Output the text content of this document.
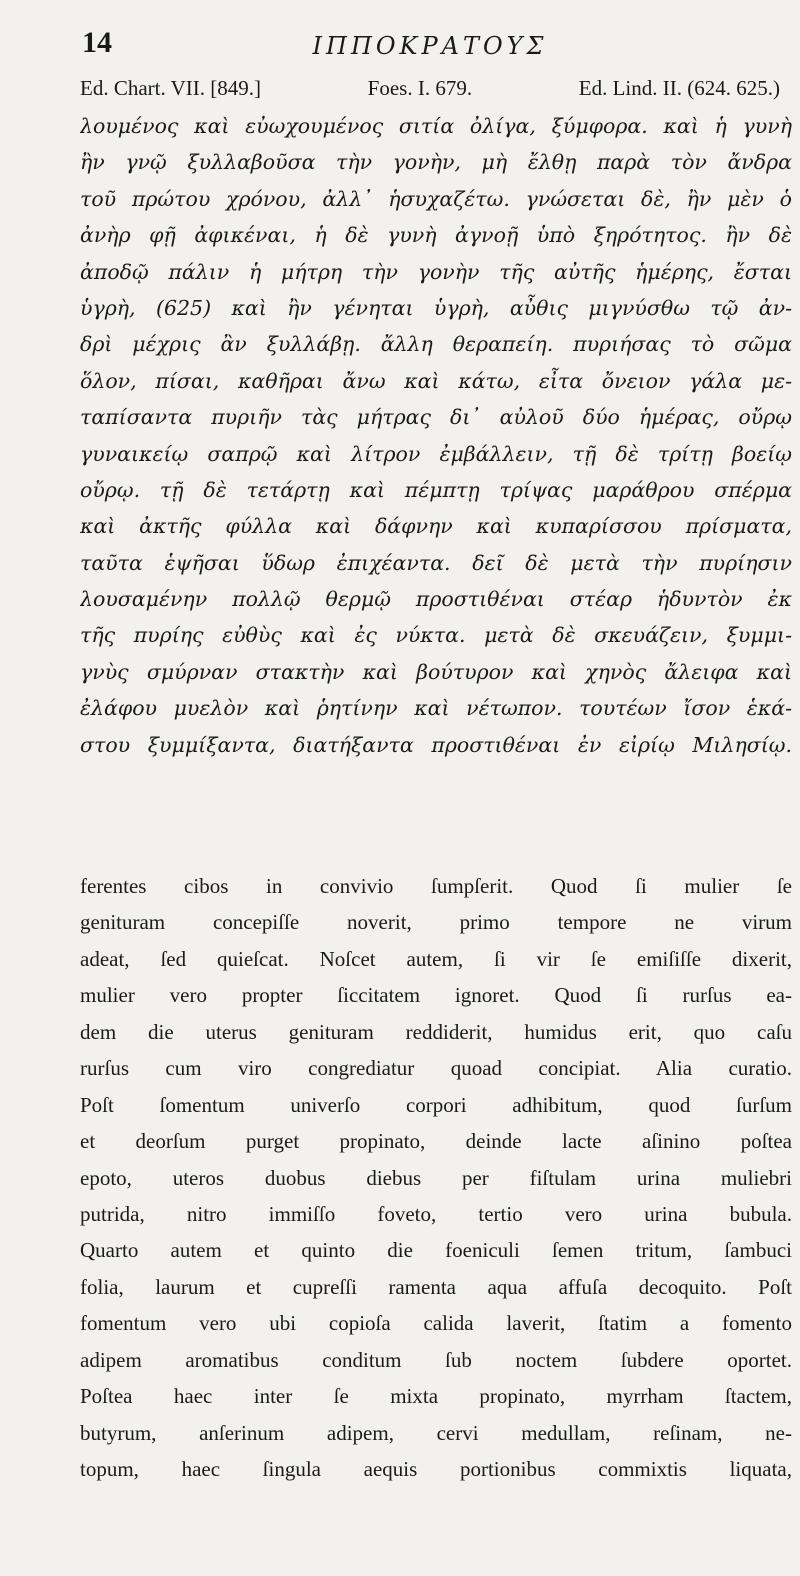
14	ΙΠΠΟΚΡΑΤΟΥΣ
Ed. Chart. VII. [849.]	Foes. I. 679.	Ed. Lind. II. (624. 625.)
λουμένος καὶ εὐωχουμένος σιτία ὀλίγα, ξύμφορα. καὶ ἡ γυνὴ
ἢν γνῷ ξυλλαβοῦσα τὴν γονὴν, μὴ ἔλθῃ παρὰ τὸν ἄνδρα
τοῦ πρώτου χρόνου, ἀλλ᾽ ἡσυχαζέτω. γνώσεται δὲ, ἢν μὲν ὁ
ἀνὴρ φῇ ἀφικέναι, ἡ δὲ γυνὴ ἀγνοῇ ὑπὸ ξηρότητος. ἢν δὲ
ἀποδῷ πάλιν ἡ μήτρη τὴν γονὴν τῆς αὐτῆς ἡμέρης, ἔσται
ὑγρὴ, (625) καὶ ἢν γένηται ὑγρὴ, αὖθις μιγνύσθω τῷ ἀν-
δρὶ μέχρις ἂν ξυλλάβῃ. ἄλλη θεραπείη. πυριήσας τὸ σῶμα
ὅλον, πίσαι, καθῆραι ἄνω καὶ κάτω, εἶτα ὄνειον γάλα με-
ταπίσαντα πυριῆν τὰς μήτρας δι᾽ αὐλοῦ δύο ἡμέρας, οὔρῳ
γυναικείῳ σαπρῷ καὶ λίτρον ἐμβάλλειν, τῇ δὲ τρίτῃ βοείῳ
οὔρῳ. τῇ δὲ τετάρτῃ καὶ πέμπτῃ τρίψας μαράθρου σπέρμα
καὶ ἀκτῆς φύλλα καὶ δάφνην καὶ κυπαρίσσου πρίσματα,
ταῦτα ἑψῆσαι ὕδωρ ἐπιχέαντα. δεῖ δὲ μετὰ τὴν πυρίησιν
λουσαμένην πολλῷ θερμῷ προστιθέναι στέαρ ἡδυντὸν ἐκ
τῆς πυρίης εὐθὺς καὶ ἐς νύκτα. μετὰ δὲ σκευάζειν, ξυμμι-
γνὺς σμύρναν στακτὴν καὶ βούτυρον καὶ χηνὸς ἄλειφα καὶ
ἐλάφου μυελὸν καὶ ῥητίνην καὶ νέτωπον. τουτέων ἴσον ἑκά-
στου ξυμμίξαντα, διατήξαντα προστιθέναι ἐν εἰρίῳ Μιλησίῳ.
ferentes cibos in convivio ſumpſerit. Quod ſi mulier ſe
genituram concepiſſe noverit, primo tempore ne virum
adeat, ſed quieſcat. Noſcet autem, ſi vir ſe emiſiſſe dixerit,
mulier vero propter ſiccitatem ignoret. Quod ſi rurſus ea-
dem die uterus genituram reddiderit, humidus erit, quo caſu
rurſus cum viro congrediatur quoad concipiat. Alia curatio.
Poſt ſomentum univerſo corpori adhibitum, quod ſurſum
et deorſum purget propinato, deinde lacte aſinino poſtea
epoto, uteros duobus diebus per fiſtulam urina muliebri
putrida, nitro immiſſo foveto, tertio vero urina bubula.
Quarto autem et quinto die foeniculi ſemen tritum, ſambuci
folia, laurum et cupreſſi ramenta aqua affuſa decoquito. Poſt
fomentum vero ubi copioſa calida laverit, ſtatim a fomento
adipem aromatibus conditum ſub noctem ſubdere oportet.
Poſtea haec inter ſe mixta propinato, myrrham ſtactem,
butyrum, anſerinum adipem, cervi medullam, reſinam, ne-
topum, haec ſingula aequis portionibus commixtis liquata,
